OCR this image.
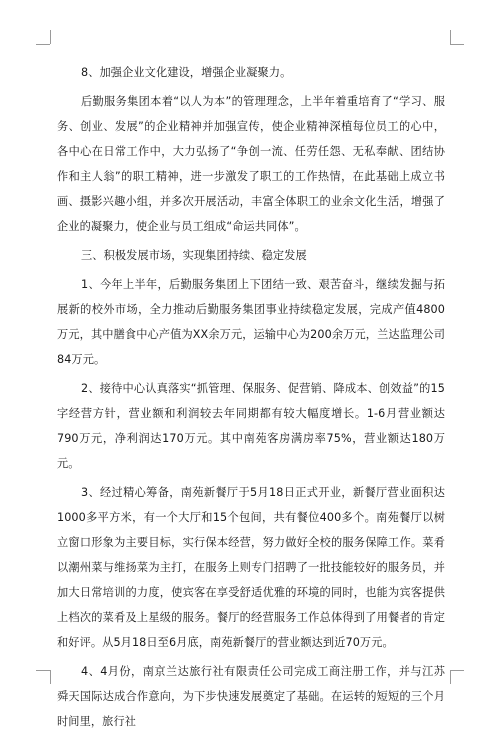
8、加强企业文化建设，增强企业凝聚力。

后勤服务集团本着“以人为本”的管理理念，上半年着重培育了“学习、服务、创业、发展”的企业精神并加强宣传，使企业精神深植每位员工的心中，各中心在日常工作中，大力弘扬了“争创一流、任劳任怨、无私奉献、团结协作和主人翁”的职工精神，进一步激发了职工的工作热情，在此基础上成立书画、摄影兴趣小组，并多次开展活动，丰富全体职工的业余文化生活，增强了企业的凝聚力，使企业与员工组成“命运共同体”。

三、积极发展市场，实现集团持续、稳定发展

1、今年上半年，后勤服务集团上下团结一致、艰苦奋斗，继续发掘与拓展新的校外市场，全力推动后勤服务集团事业持续稳定发展，完成产值4800万元，其中膳食中心产值为XX余万元，运输中心为200余万元，兰达监理公司84万元。

2、接待中心认真落实“抓管理、保服务、促营销、降成本、创效益”的15字经营方针，营业额和利润较去年同期都有较大幅度增长。1-6月营业额达790万元，净利润达170万元。其中南苑客房满房率75%，营业额达180万元。

3、经过精心筹备，南苑新餐厅于5月18日正式开业，新餐厅营业面积达1000多平方米，有一个大厅和15个包间，共有餐位400多个。南苑餐厅以树立窗口形象为主要目标，实行保本经营，努力做好全校的服务保障工作。菜肴以潮州菜与维扬菜为主打，在服务上则专门招聘了一批技能较好的服务员，并加大日常培训的力度，使宾客在享受舒适优雅的环境的同时，也能为宾客提供上档次的菜肴及上星级的服务。餐厅的经营服务工作总体得到了用餐者的肯定和好评。从5月18日至6月底，南苑新餐厅的营业额达到近70万元。

4、4月份，南京兰达旅行社有限责任公司完成工商注册工作，并与江苏舜天国际达成合作意向，为下步快速发展奠定了基础。在运转的短短的三个月时间里，旅行社
